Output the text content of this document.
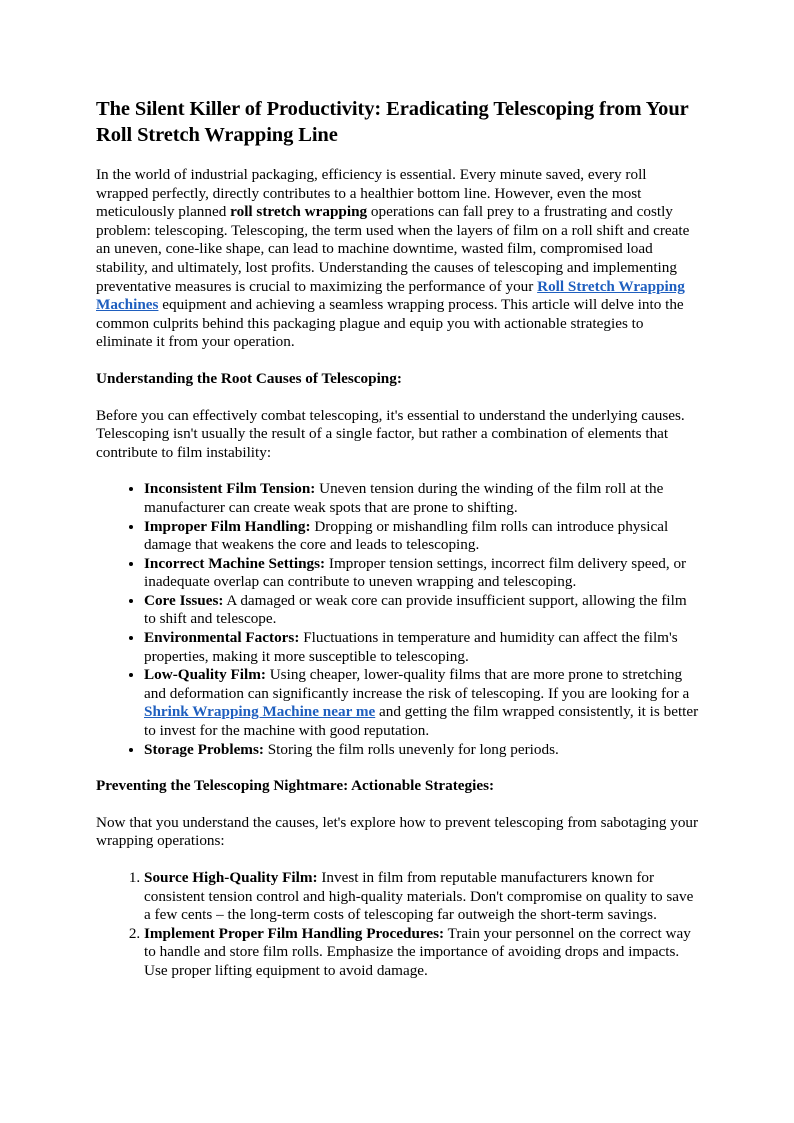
The Silent Killer of Productivity: Eradicating Telescoping from Your Roll Stretch Wrapping Line

In the world of industrial packaging, efficiency is essential. Every minute saved, every roll wrapped perfectly, directly contributes to a healthier bottom line. However, even the most meticulously planned roll stretch wrapping operations can fall prey to a frustrating and costly problem: telescoping. Telescoping, the term used when the layers of film on a roll shift and create an uneven, cone-like shape, can lead to machine downtime, wasted film, compromised load stability, and ultimately, lost profits. Understanding the causes of telescoping and implementing preventative measures is crucial to maximizing the performance of your Roll Stretch Wrapping Machines equipment and achieving a seamless wrapping process. This article will delve into the common culprits behind this packaging plague and equip you with actionable strategies to eliminate it from your operation.

Understanding the Root Causes of Telescoping:

Before you can effectively combat telescoping, it's essential to understand the underlying causes. Telescoping isn't usually the result of a single factor, but rather a combination of elements that contribute to film instability:

• Inconsistent Film Tension: Uneven tension during the winding of the film roll at the manufacturer can create weak spots that are prone to shifting.
• Improper Film Handling: Dropping or mishandling film rolls can introduce physical damage that weakens the core and leads to telescoping.
• Incorrect Machine Settings: Improper tension settings, incorrect film delivery speed, or inadequate overlap can contribute to uneven wrapping and telescoping.
• Core Issues: A damaged or weak core can provide insufficient support, allowing the film to shift and telescope.
• Environmental Factors: Fluctuations in temperature and humidity can affect the film's properties, making it more susceptible to telescoping.
• Low-Quality Film: Using cheaper, lower-quality films that are more prone to stretching and deformation can significantly increase the risk of telescoping. If you are looking for a Shrink Wrapping Machine near me and getting the film wrapped consistently, it is better to invest for the machine with good reputation.
• Storage Problems: Storing the film rolls unevenly for long periods.
Preventing the Telescoping Nightmare: Actionable Strategies:

Now that you understand the causes, let's explore how to prevent telescoping from sabotaging your wrapping operations:

1. Source High-Quality Film: Invest in film from reputable manufacturers known for consistent tension control and high-quality materials. Don't compromise on quality to save a few cents – the long-term costs of telescoping far outweigh the short-term savings.
2. Implement Proper Film Handling Procedures: Train your personnel on the correct way to handle and store film rolls. Emphasize the importance of avoiding drops and impacts. Use proper lifting equipment to avoid damage.
